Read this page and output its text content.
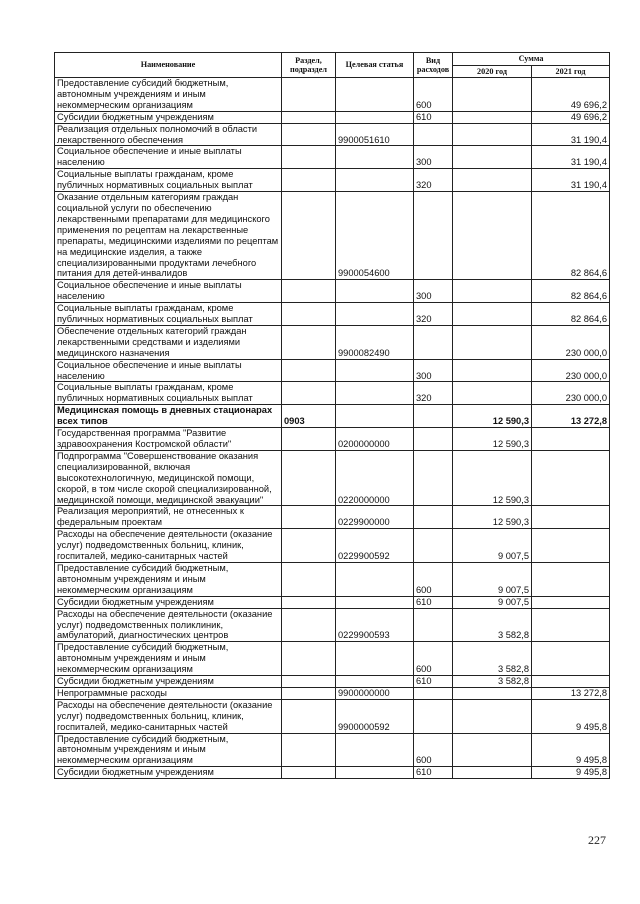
Наименование	Раздел, подраздел	Целевая статья	Вид расходов	Сумма	
				2020 год	2021 год
Предоставление субсидий бюджетным, автономным учреждениям и иным некоммерческим организациям			600		49 696,2
Субсидии бюджетным учреждениям			610		49 696,2
Реализация отдельных полномочий в области лекарственного обеспечения		9900051610			31 190,4
Социальное обеспечение и иные выплаты населению			300		31 190,4
Социальные выплаты гражданам, кроме публичных нормативных социальных выплат			320		31 190,4
Оказание отдельным категориям граждан социальной услуги по обеспечению лекарственными препаратами для медицинского применения по рецептам на лекарственные препараты, медицинскими изделиями по рецептам на медицинские изделия, а также специализированными продуктами лечебного питания для детей-инвалидов		9900054600			82 864,6
Социальное обеспечение и иные выплаты населению			300		82 864,6
Социальные выплаты гражданам, кроме публичных нормативных социальных выплат			320		82 864,6
Обеспечение отдельных категорий граждан лекарственными средствами и изделиями медицинского назначения		9900082490			230 000,0
Социальное обеспечение и иные выплаты населению			300		230 000,0
Социальные выплаты гражданам, кроме публичных нормативных социальных выплат			320		230 000,0
Медицинская помощь в дневных стационарах всех типов	0903			12 590,3	13 272,8
Государственная программа "Развитие здравоохранения Костромской области"		0200000000		12 590,3	
Подпрограмма "Совершенствование оказания специализированной, включая высокотехнологичную, медицинской помощи, скорой, в том числе скорой специализированной, медицинской помощи, медицинской эвакуации"		0220000000		12 590,3	
Реализация мероприятий, не отнесенных к федеральным проектам		0229900000		12 590,3	
Расходы на обеспечение деятельности (оказание услуг) подведомственных больниц, клиник, госпиталей, медико-санитарных частей		0229900592		9 007,5	
Предоставление субсидий бюджетным, автономным учреждениям и иным некоммерческим организациям			600	9 007,5	
Субсидии бюджетным учреждениям			610	9 007,5	
Расходы на обеспечение деятельности (оказание услуг) подведомственных поликлиник, амбулаторий, диагностических центров		0229900593		3 582,8	
Предоставление субсидий бюджетным, автономным учреждениям и иным некоммерческим организациям			600	3 582,8	
Субсидии бюджетным учреждениям			610	3 582,8	
Непрограммные расходы		9900000000			13 272,8
Расходы на обеспечение деятельности (оказание услуг) подведомственных больниц, клиник, госпиталей, медико-санитарных частей		9900000592			9 495,8
Предоставление субсидий бюджетным, автономным учреждениям и иным некоммерческим организациям			600		9 495,8
Субсидии бюджетным учреждениям			610		9 495,8
227
